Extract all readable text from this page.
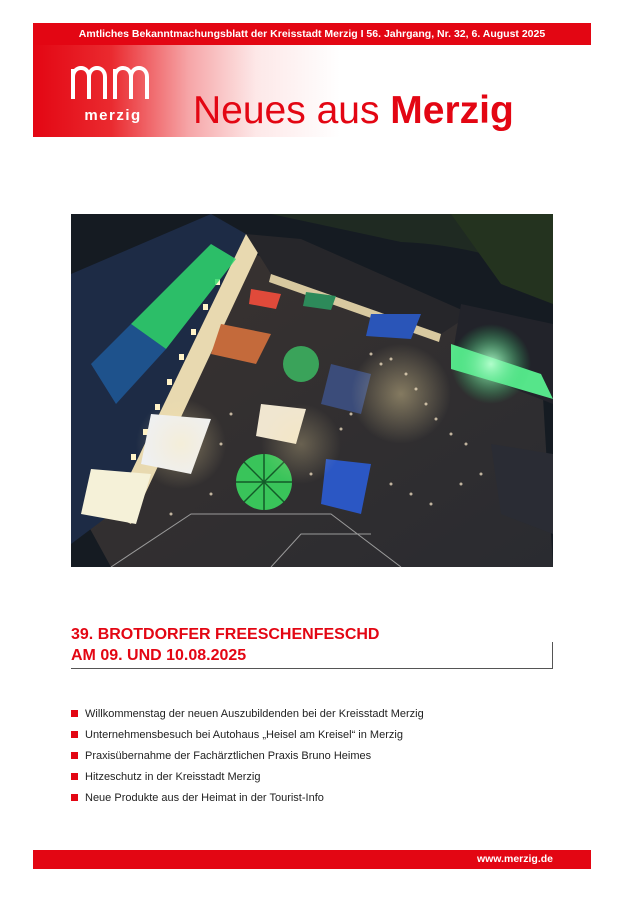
Amtliches Bekanntmachungsblatt der Kreisstadt Merzig I 56. Jahrgang, Nr. 32, 6. August 2025
merzig Neues aus Merzig
39. BROTDORFER FREESCHENFESCHD
AM 09. UND 10.08.2025
Willkommenstag der neuen Auszubildenden bei der Kreisstadt Merzig
Unternehmensbesuch bei Autohaus „Heisel am Kreisel“ in Merzig
Praxisübernahme der Fachärztlichen Praxis Bruno Heimes
Hitzeschutz in der Kreisstadt Merzig
Neue Produkte aus der Heimat in der Tourist-Info
www.merzig.de
